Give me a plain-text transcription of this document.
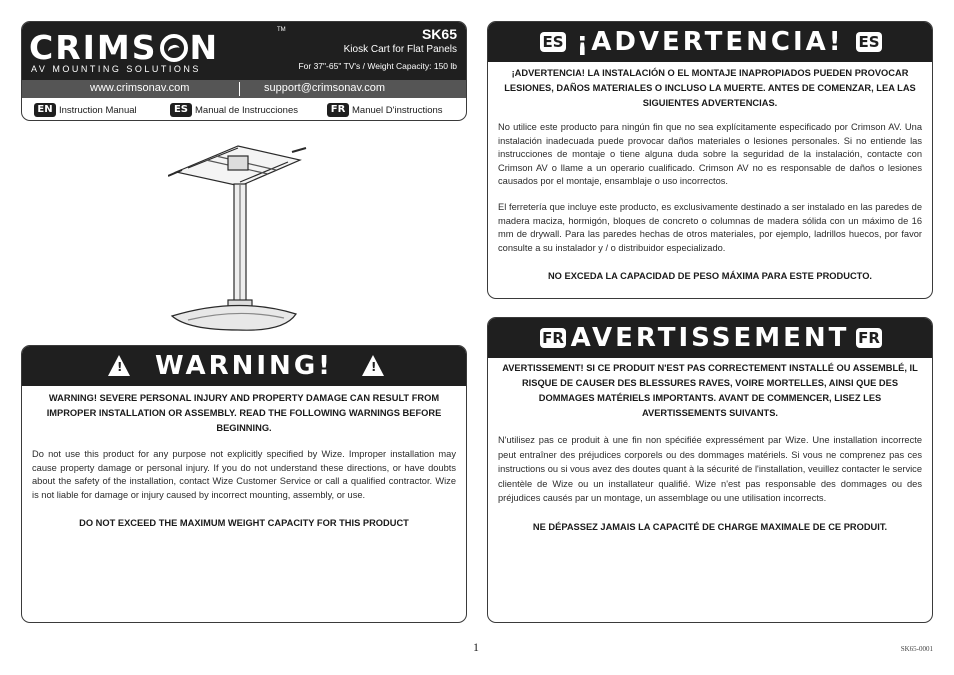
CRIMS N	TM
AV MOUNTING SOLUTIONS
SK65
Kiosk Cart for Flat Panels
For 37"-65" TV's / Weight Capacity: 150 lb
www.crimsonav.com	support@crimsonav.com
EN Instruction Manual	ES Manual de Instrucciones	FR Manuel D'instructions
! WARNING!	!

WARNING! SEVERE PERSONAL INJURY AND PROPERTY DAMAGE CAN RESULT FROM IMPROPER INSTALLATION OR ASSEMBLY. READ THE FOLLOWING WARNINGS BEFORE BEGINNING.

Do not use this product for any purpose not explicitly specified by Wize. Improper installation may cause property damage or personal injury. If you do not understand these directions, or have doubts about the safety of the installation, contact Wize Customer Service or call a qualified contractor. Wize is not liable for damage or injury caused by incorrect mounting, assembly, or use.

DO NOT EXCEED THE MAXIMUM WEIGHT CAPACITY FOR THIS PRODUCT

ES ¡ADVERTENCIA! ES

¡ADVERTENCIA! LA INSTALACIÓN O EL MONTAJE INAPROPIADOS PUEDEN PROVOCAR LESIONES, DAÑOS MATERIALES O INCLUSO LA MUERTE. ANTES DE COMENZAR, LEA LAS SIGUIENTES ADVERTENCIAS.

No utilice este producto para ningún fin que no sea explícitamente especificado por Crimson AV. Una instalación inadecuada puede provocar daños materiales o lesiones personales. Si no entiende las instrucciones de montaje o tiene alguna duda sobre la seguridad de la instalación, contacte con Crimson AV o llame a un operario cualificado. Crimson AV no es responsable de daños o lesiones causados por el montaje, ensamblaje o uso incorrectos.

El ferretería que incluye este producto, es exclusivamente destinado a ser instalado en las paredes de madera maciza, hormigón, bloques de concreto o columnas de madera sólida con un máximo de 16 mm de drywall. Para las paredes hechas de otros materiales, por ejemplo, ladrillos huecos, por favor consulte a su instalador y / o distribuidor especializado.

NO EXCEDA LA CAPACIDAD DE PESO MÁXIMA PARA ESTE PRODUCTO.

FR AVERTISSEMENT FR

AVERTISSEMENT! SI CE PRODUIT N'EST PAS CORRECTEMENT INSTALLÉ OU ASSEMBLÉ, IL RISQUE DE CAUSER DES BLESSURES RAVES, VOIRE MORTELLES, AINSI QUE DES DOMMAGES MATÉRIELS IMPORTANTS. AVANT DE COMMENCER, LISEZ LES AVERTISSEMENTS SUIVANTS.

N'utilisez pas ce produit à une fin non spécifiée expressément par Wize. Une installation incorrecte peut entraîner des préjudices corporels ou des dommages matériels. Si vous ne comprenez pas ces instructions ou si vous avez des doutes quant à la sécurité de l'installation, veuillez contacter le service clientèle de Wize ou un installateur qualifié. Wize n'est pas responsable des dommages ou des préjudices causés par un montage, un assemblage ou une utilisation incorrects.

NE DÉPASSEZ JAMAIS LA CAPACITÉ DE CHARGE MAXIMALE DE CE PRODUIT.

1	SK65-0001
